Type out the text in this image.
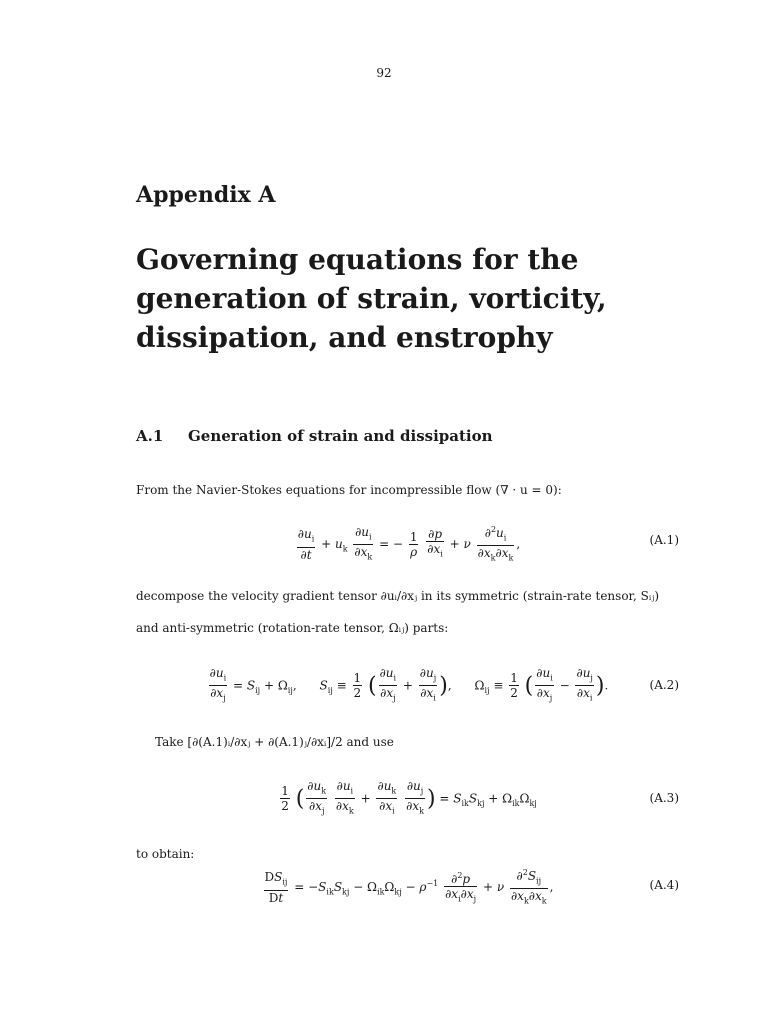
92
Appendix A
Governing equations for the generation of strain, vorticity, dissipation, and enstrophy
A.1 Generation of strain and dissipation

From the Navier-Stokes equations for incompressible flow (∇ · u = 0):

$\frac{\partial u_i}{\partial t} + u_k \frac{\partial u_i}{\partial x_k}$ = − $\frac{1}{\rho}$
$\frac{\partial p}{\partial x_i} + \nu \frac{\partial^2u_i}{\partial x_k\partial x_k}$ ,	(A.1)

decompose the velocity gradient tensor ∂uᵢ/∂xⱼ in its symmetric (strain-rate tensor, Sᵢⱼ) and anti-symmetric (rotation-rate tensor, Ωᵢⱼ) parts:

$\frac{\partial u_i}{\partial x_j} = S_{ij} + \Omega_{ij}$,      $S_{ij} \equiv \frac{1}{2}$ ( $\frac{\partial u_i}{\partial x_j} + \frac{\partial u_j}{\partial x_i}$ ),      $\Omega_{ij} \equiv \frac{1}{2}$ ( $\frac{\partial u_i}{\partial x_j} - \frac{\partial u_j}{\partial x_i}$ ).	(A.2)

Take [∂(A.1)ᵢ/∂xⱼ + ∂(A.1)ⱼ/∂xᵢ]/2 and use

$\frac{1}{2}$ ( $\frac{\partial u_k}{\partial x_j}$
$\frac{\partial u_i}{\partial x_k} + \frac{\partial u_k}{\partial x_i}$
$\frac{\partial u_j}{\partial x_k}$ ) = $S_{ik}S_{kj} + \Omega_{ik}\Omega_{kj}$	(A.3)

to obtain:

$\frac{DS_{ij}}{Dt} = -S_{ik}S_{kj} - \Omega_{ik}\Omega_{kj} - \rho^{-1} \frac{\partial^2p}{\partial x_i\partial x_j} + \nu \frac{\partial^2S_{ij}}{\partial x_k\partial x_k}$ ,	(A.4)
